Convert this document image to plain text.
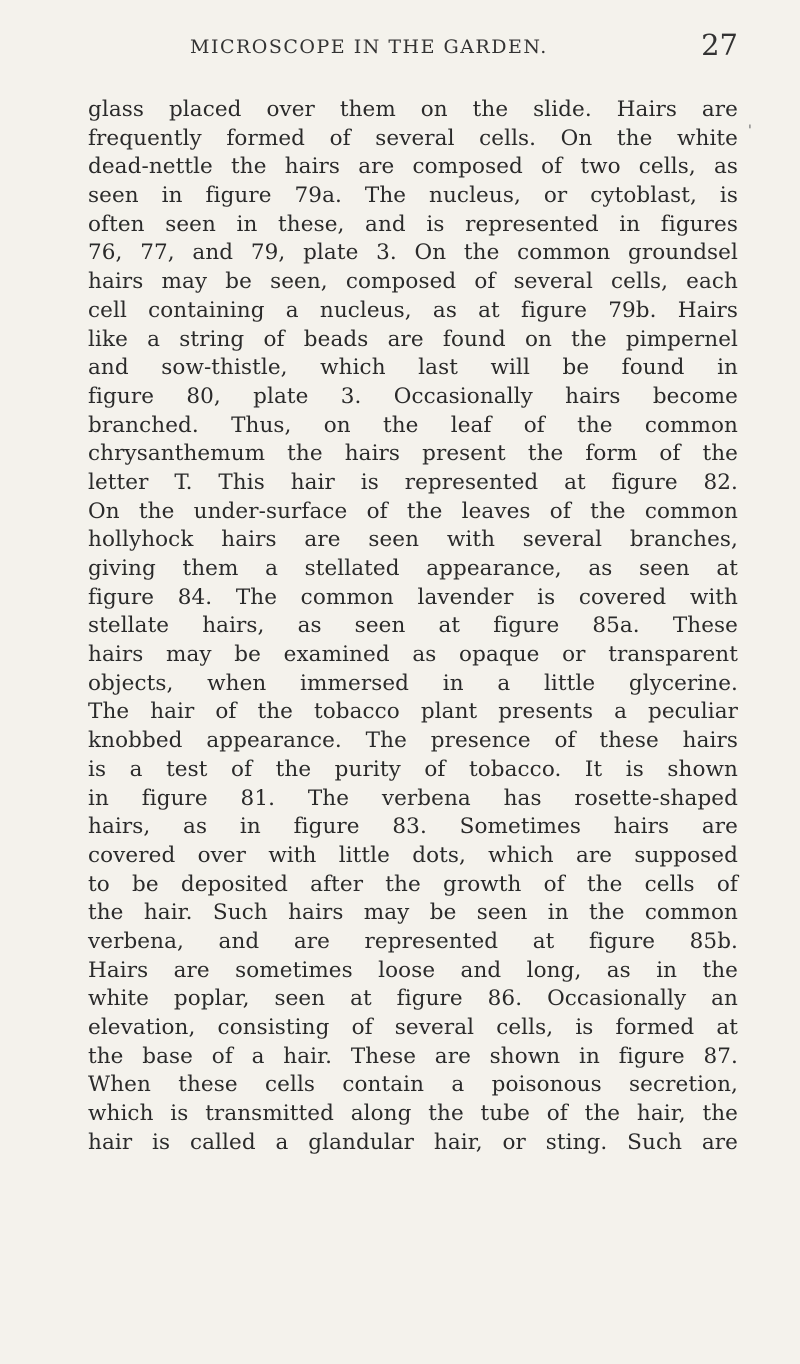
MICROSCOPE IN THE GARDEN.	27
'
glass placed over them on the slide. Hairs are
frequently formed of several cells. On the white
dead-nettle the hairs are composed of two cells, as
seen in figure 79a. The nucleus, or cytoblast, is
often seen in these, and is represented in figures
76, 77, and 79, plate 3. On the common groundsel
hairs may be seen, composed of several cells, each
cell containing a nucleus, as at figure 79b. Hairs
like a string of beads are found on the pimpernel
and sow-thistle, which last will be found in
figure 80, plate 3. Occasionally hairs become
branched. Thus, on the leaf of the common
chrysanthemum the hairs present the form of the
letter T. This hair is represented at figure 82.
On the under-surface of the leaves of the common
hollyhock hairs are seen with several branches,
giving them a stellated appearance, as seen at
figure 84. The common lavender is covered with
stellate hairs, as seen at figure 85a. These
hairs may be examined as opaque or transparent
objects, when immersed in a little glycerine.
The hair of the tobacco plant presents a peculiar
knobbed appearance. The presence of these hairs
is a test of the purity of tobacco. It is shown
in figure 81. The verbena has rosette-shaped
hairs, as in figure 83. Sometimes hairs are
covered over with little dots, which are supposed
to be deposited after the growth of the cells of
the hair. Such hairs may be seen in the common
verbena, and are represented at figure 85b.
Hairs are sometimes loose and long, as in the
white poplar, seen at figure 86. Occasionally an
elevation, consisting of several cells, is formed at
the base of a hair. These are shown in figure 87.
When these cells contain a poisonous secretion,
which is transmitted along the tube of the hair, the
hair is called a glandular hair, or sting. Such are
